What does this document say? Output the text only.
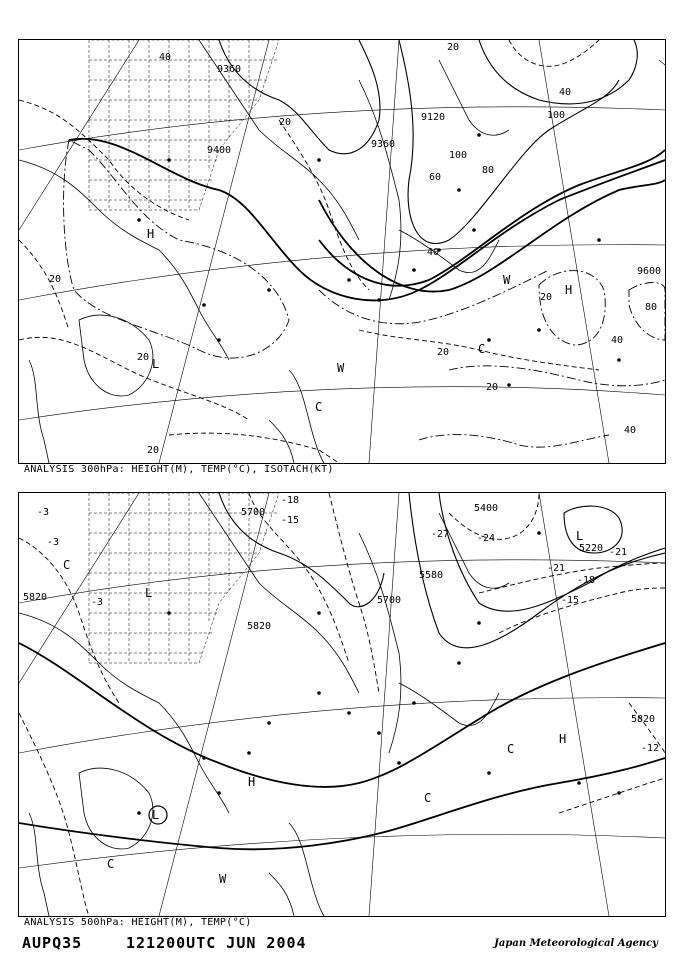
9360
9400
9120
9360
9600
20
20
20
20
20
20
20
20
40
40
40
40
40
60
80
80
100
100
H
L
H
W
C
C
W
ANALYSIS 300hPa: HEIGHT(M), TEMP(°C), ISOTACH(KT)
5700
5820	5700
5820
5580
5400
5820
5220
-3
-3
-3
-15
-18
-15
-21
-18
-27	-24
-21
-12
C
L
H
C
L
C
W
H
C
L
ANALYSIS 500hPa: HEIGHT(M), TEMP(°C)
AUPQ35	121200UTC JUN 2004	Japan Meteorological Agency
